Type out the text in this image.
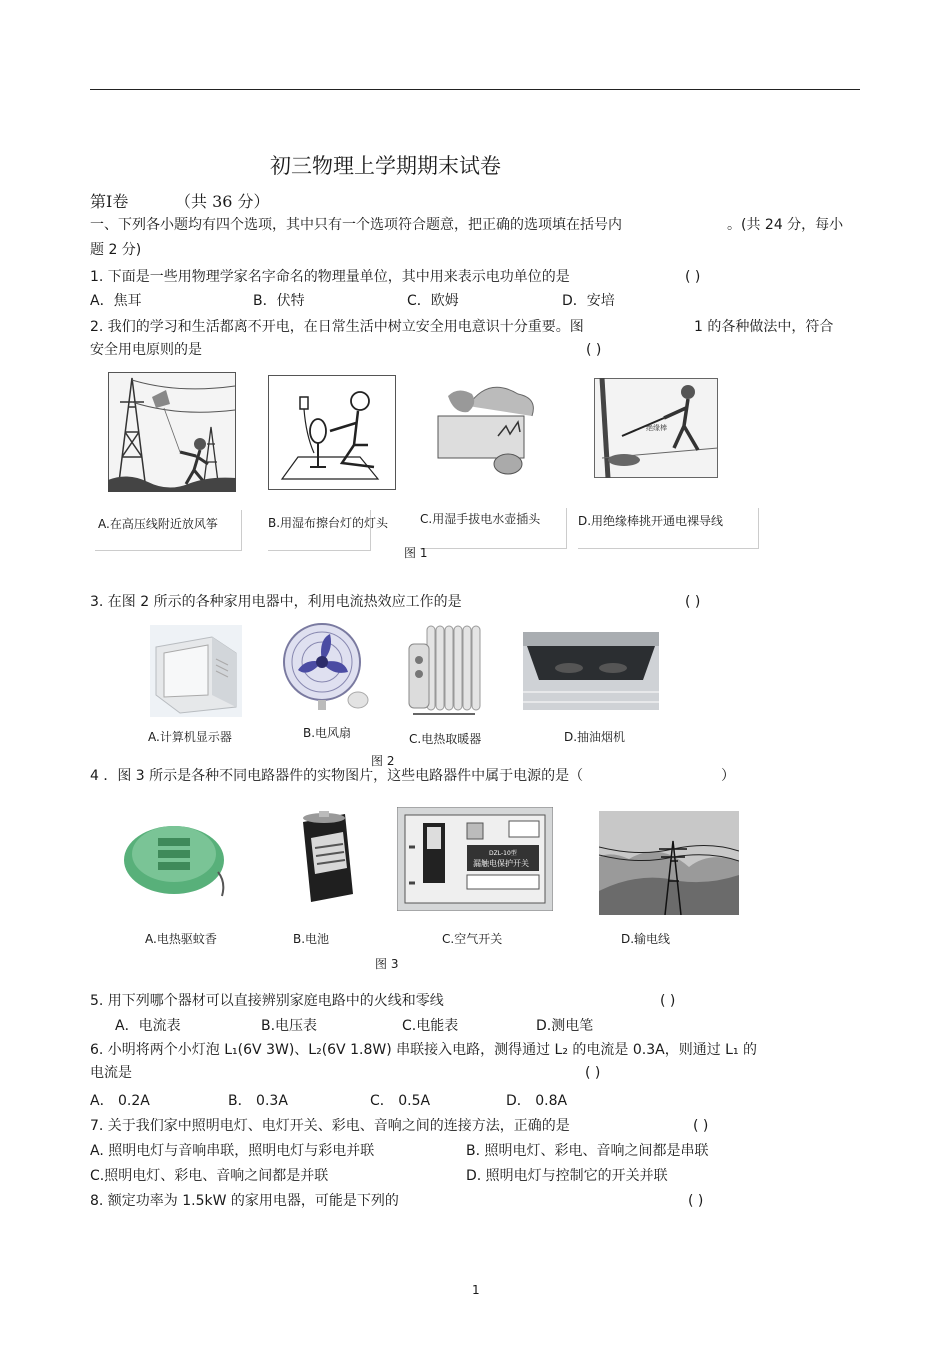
初三物理上学期期末试卷
第Ⅰ卷	（共 36 分）
一、下列各小题均有四个选项，其中只有一个选项符合题意，把正确的选项填在括号内	。(共 24 分，每小
题 2 分)
1. 下面是一些用物理学家名字命名的物理量单位，其中用来表示电功单位的是	( )
A．焦耳	B．伏特	C．欧姆	D．安培
2. 我们的学习和生活都离不开电，在日常生活中树立安全用电意识十分重要。图	1 的各种做法中，符合
安全用电原则的是	( )
绝缘棒
A.在高压线附近放风筝	B.用湿布擦台灯的灯头	C.用湿手拔电水壶插头	D.用绝缘棒挑开通电裸导线
图 1
3. 在图 2 所示的各种家用电器中，利用电流热效应工作的是	( )
A.计算机显示器	B.电风扇	C.电热取暖器	D.抽油烟机
图 2
4 ．图 3 所示是各种不同电路器件的实物图片，这些电路器件中属于电源的是（	）
DZL-10型
漏触电保护开关
A.电热驱蚊香	B.电池	C.空气开关	D.输电线
图 3
5. 用下列哪个器材可以直接辨别家庭电路中的火线和零线	( )
A．电流表	B.电压表	C.电能表	D.测电笔
6. 小明将两个小灯泡 L₁(6V 3W)、L₂(6V 1.8W) 串联接入电路，测得通过 L₂ 的电流是 0.3A，则通过 L₁ 的
电流是	( )
A． 0.2A	B． 0.3A	C． 0.5A	D． 0.8A
7. 关于我们家中照明电灯、电灯开关、彩电、音响之间的连接方法，正确的是	( )
A. 照明电灯与音响串联，照明电灯与彩电并联	B. 照明电灯、彩电、音响之间都是串联
C.照明电灯、彩电、音响之间都是并联	D. 照明电灯与控制它的开关并联
8. 额定功率为 1.5kW 的家用电器，可能是下列的	( )
1
